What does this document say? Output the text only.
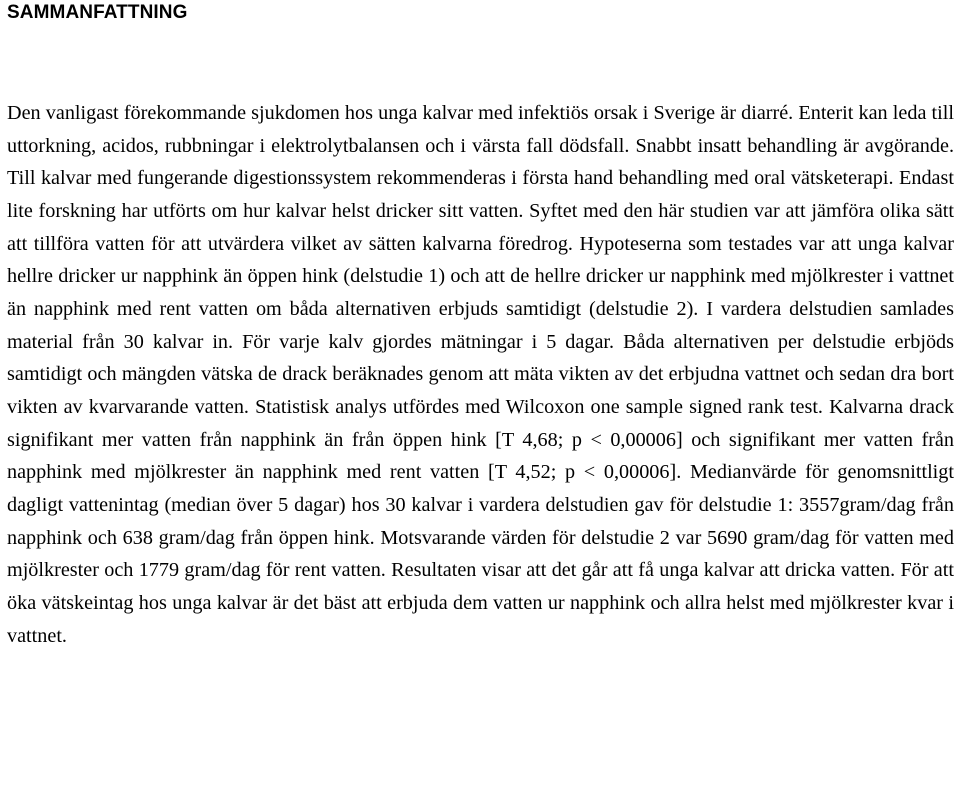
SAMMANFATTNING

Den vanligast förekommande sjukdomen hos unga kalvar med infektiös orsak i Sverige är diarré. Enterit kan leda till uttorkning, acidos, rubbningar i elektrolytbalansen och i värsta fall dödsfall. Snabbt insatt behandling är avgörande. Till kalvar med fungerande digestionssystem rekommenderas i första hand behandling med oral vätsketerapi. Endast lite forskning har utförts om hur kalvar helst dricker sitt vatten. Syftet med den här studien var att jämföra olika sätt att tillföra vatten för att utvärdera vilket av sätten kalvarna föredrog. Hypoteserna som testades var att unga kalvar hellre dricker ur napphink än öppen hink (delstudie 1) och att de hellre dricker ur napphink med mjölkrester i vattnet än napphink med rent vatten om båda alternativen erbjuds samtidigt (delstudie 2). I vardera delstudien samlades material från 30 kalvar in. För varje kalv gjordes mätningar i 5 dagar. Båda alternativen per delstudie erbjöds samtidigt och mängden vätska de drack beräknades genom att mäta vikten av det erbjudna vattnet och sedan dra bort vikten av kvarvarande vatten. Statistisk analys utfördes med Wilcoxon one sample signed rank test. Kalvarna drack signifikant mer vatten från napphink än från öppen hink [T 4,68; p < 0,00006] och signifikant mer vatten från napphink med mjölkrester än napphink med rent vatten [T 4,52; p < 0,00006]. Medianvärde för genomsnittligt dagligt vattenintag (median över 5 dagar) hos 30 kalvar i vardera delstudien gav för delstudie 1: 3557gram/dag från napphink och 638 gram/dag från öppen hink. Motsvarande värden för delstudie 2 var 5690 gram/dag för vatten med mjölkrester och 1779 gram/dag för rent vatten. Resultaten visar att det går att få unga kalvar att dricka vatten. För att öka vätskeintag hos unga kalvar är det bäst att erbjuda dem vatten ur napphink och allra helst med mjölkrester kvar i vattnet.
